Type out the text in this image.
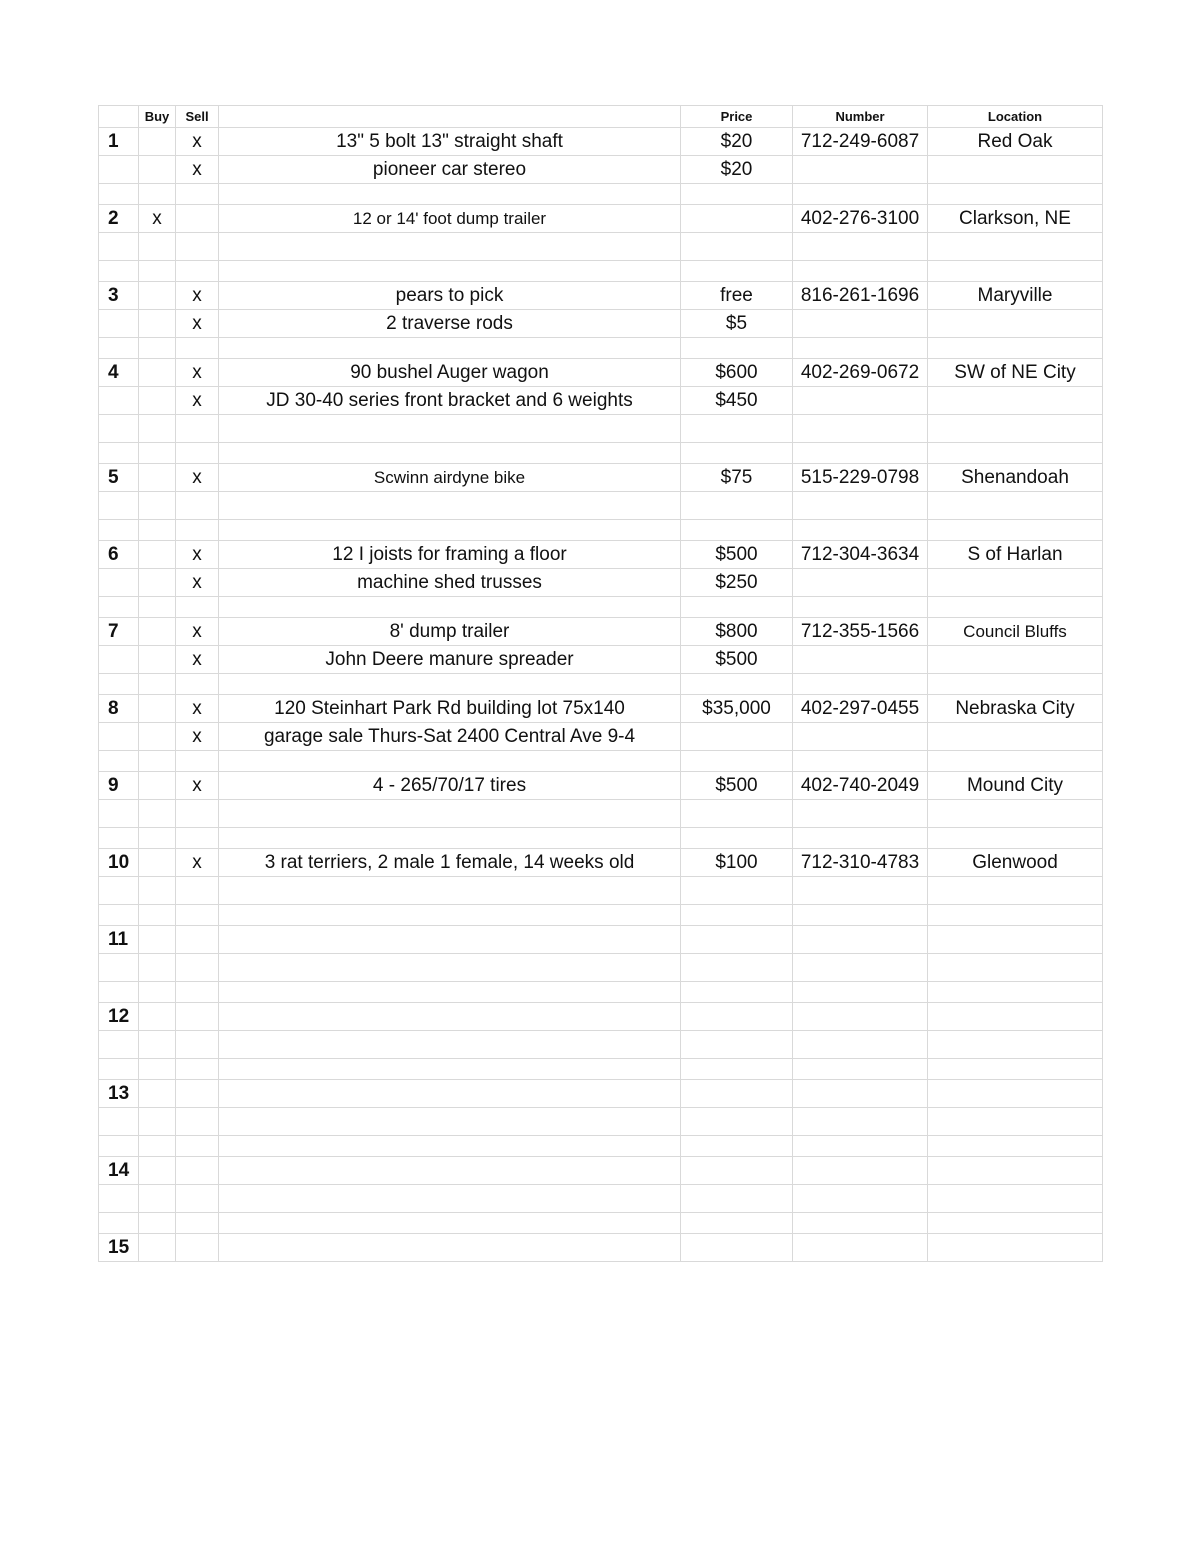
	Buy	Sell		Price	Number	Location
1		x	13" 5 bolt 13" straight shaft	$20	712-249-6087	Red Oak
		x	pioneer car stereo	$20		

2	x		12 or 14' foot dump trailer		402-276-3100	Clarkson, NE

3		x	pears to pick	free	816-261-1696	Maryville
		x	2 traverse rods	$5		

4		x	90 bushel Auger wagon	$600	402-269-0672	SW of NE City
		x	JD 30-40 series front bracket and 6 weights	$450		

5		x	Scwinn airdyne bike	$75	515-229-0798	Shenandoah

6		x	12 I joists for framing a floor	$500	712-304-3634	S of Harlan
		x	machine shed trusses	$250		

7		x	8' dump trailer	$800	712-355-1566	Council Bluffs
		x	John Deere manure spreader	$500		

8		x	120 Steinhart Park Rd building lot 75x140	$35,000	402-297-0455	Nebraska City
		x	garage sale Thurs-Sat 2400 Central Ave 9-4			

9		x	4 - 265/70/17 tires	$500	402-740-2049	Mound City

10		x	3 rat terriers, 2 male 1 female, 14 weeks old	$100	712-310-4783	Glenwood

11						

12						

13						

14						

15						
